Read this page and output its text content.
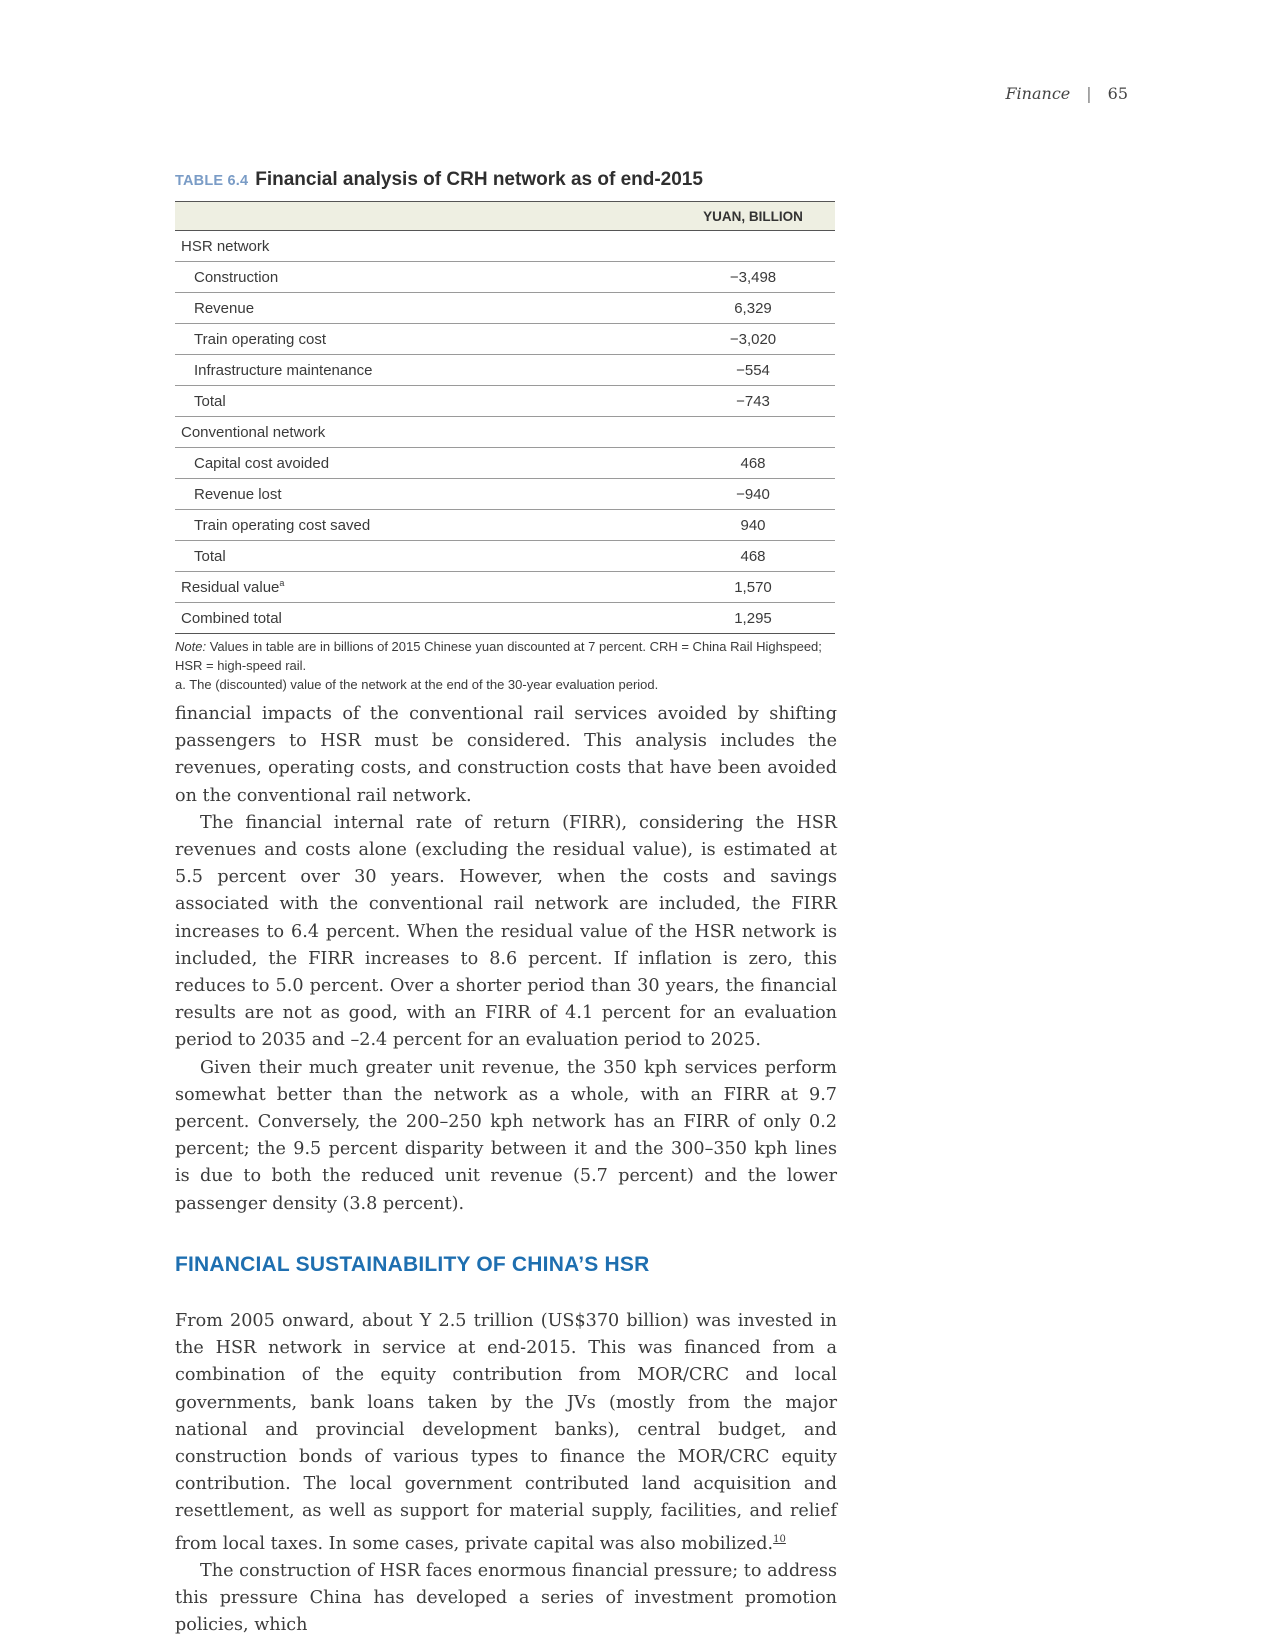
Finance | 65
TABLE 6.4 Financial analysis of CRH network as of end-2015
	YUAN, BILLION
HSR network	
Construction	−3,498
Revenue	6,329
Train operating cost	−3,020
Infrastructure maintenance	−554
Total	−743
Conventional network	
Capital cost avoided	468
Revenue lost	−940
Train operating cost saved	940
Total	468
Residual value$^a$	1,570
Combined total	1,295
Note: Values in table are in billions of 2015 Chinese yuan discounted at 7 percent. CRH = China Rail Highspeed; HSR = high-speed rail.
a. The (discounted) value of the network at the end of the 30-year evaluation period.

financial impacts of the conventional rail services avoided by shifting passengers to HSR must be considered. This analysis includes the revenues, operating costs, and construction costs that have been avoided on the conventional rail network.

The financial internal rate of return (FIRR), considering the HSR revenues and costs alone (excluding the residual value), is estimated at 5.5 percent over 30 years. However, when the costs and savings associated with the conventional rail network are included, the FIRR increases to 6.4 percent. When the residual value of the HSR network is included, the FIRR increases to 8.6 percent. If inflation is zero, this reduces to 5.0 percent. Over a shorter period than 30 years, the financial results are not as good, with an FIRR of 4.1 percent for an evaluation period to 2035 and –2.4 percent for an evaluation period to 2025.

Given their much greater unit revenue, the 350 kph services perform somewhat better than the network as a whole, with an FIRR at 9.7 percent. Conversely, the 200–250 kph network has an FIRR of only 0.2 percent; the 9.5 percent disparity between it and the 300–350 kph lines is due to both the reduced unit revenue (5.7 percent) and the lower passenger density (3.8 percent).

FINANCIAL SUSTAINABILITY OF CHINA’S HSR

From 2005 onward, about Y 2.5 trillion (US$370 billion) was invested in the HSR network in service at end-2015. This was financed from a combination of the equity contribution from MOR/CRC and local governments, bank loans taken by the JVs (mostly from the major national and provincial development banks), central budget, and construction bonds of various types to finance the MOR/CRC equity contribution. The local government contributed land acquisition and resettlement, as well as support for material supply, facilities, and relief from local taxes. In some cases, private capital was also mobilized.$^{10}$

The construction of HSR faces enormous financial pressure; to address this pressure China has developed a series of investment promotion policies, which
